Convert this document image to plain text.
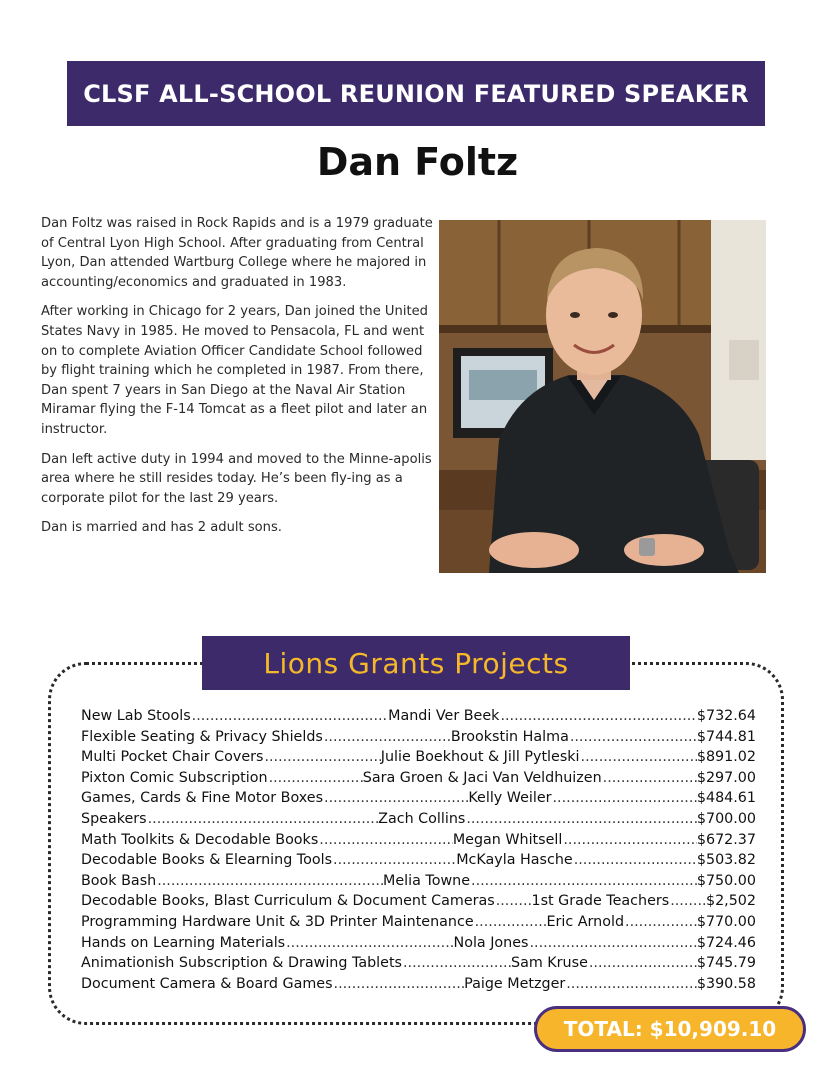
CLSF ALL-SCHOOL REUNION FEATURED SPEAKER
Dan Foltz

Dan Foltz was raised in Rock Rapids and is a 1979 graduate of Central Lyon High School. After graduating from Central Lyon, Dan attended Wartburg College where he majored in accounting/economics and graduated in 1983.

After working in Chicago for 2 years, Dan joined the United States Navy in 1985. He moved to Pensacola, FL and went on to complete Aviation Officer Candidate School followed by flight training which he completed in 1987. From there, Dan spent 7 years in San Diego at the Naval Air Station Miramar flying the F-14 Tomcat as a fleet pilot and later an instructor.

Dan left active duty in 1994 and moved to the Minne-apolis area where he still resides today. He’s been fly-ing as a corporate pilot for the last 29 years.

Dan is married and has 2 adult sons.

Lions Grants Projects
New Lab Stools .....	Mandi Ver Beek .....	$732.64
Flexible Seating & Privacy Shields .....	Brookstin Halma .....	$744.81
Multi Pocket Chair Covers .....	Julie Boekhout & Jill Pytleski .....	$891.02
Pixton Comic Subscription .....	Sara Groen & Jaci Van Veldhuizen .....	$297.00
Games, Cards & Fine Motor Boxes .....	Kelly Weiler .....	$484.61
Speakers .....	Zach Collins .....	$700.00
Math Toolkits & Decodable Books .....	Megan Whitsell .....	$672.37
Decodable Books & Elearning Tools .....	McKayla Hasche .....	$503.82
Book Bash .....	Melia Towne .....	$750.00
Decodable Books, Blast Curriculum & Document Cameras .....	1st Grade Teachers .....	$2,502
Programming Hardware Unit & 3D Printer Maintenance .....	Eric Arnold .....	$770.00
Hands on Learning Materials .....	Nola Jones .....	$724.46
Animationish Subscription & Drawing Tablets .....	Sam Kruse .....	$745.79
Document Camera & Board Games .....	Paige Metzger .....	$390.58
TOTAL: $10,909.10
